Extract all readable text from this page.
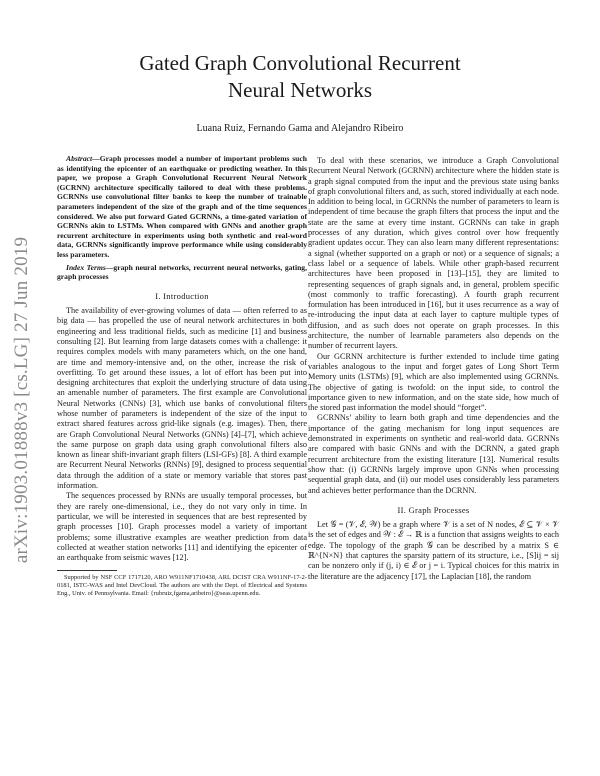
arXiv:1903.01888v3 [cs.LG] 27 Jun 2019
Gated Graph Convolutional Recurrent
Neural Networks
Luana Ruiz, Fernando Gama and Alejandro Ribeiro

Abstract—Graph processes model a number of important problems such as identifying the epicenter of an earthquake or predicting weather. In this paper, we propose a Graph Convolutional Recurrent Neural Network (GCRNN) architecture specifically tailored to deal with these problems. GCRNNs use convolutional filter banks to keep the number of trainable parameters independent of the size of the graph and of the time sequences considered. We also put forward Gated GCRNNs, a time-gated variation of GCRNNs akin to LSTMs. When compared with GNNs and another graph recurrent architecture in experiments using both synthetic and real-word data, GCRNNs significantly improve performance while using considerably less parameters.

Index Terms—graph neural networks, recurrent neural networks, gating, graph processes

I. Introduction

The availability of ever-growing volumes of data — often referred to as big data — has propelled the use of neural network architectures in both engineering and less traditional fields, such as medicine [1] and business consulting [2]. But learning from large datasets comes with a challenge: it requires complex models with many parameters which, on the one hand, are time and memory-intensive and, on the other, increase the risk of overfitting. To get around these issues, a lot of effort has been put into designing architectures that exploit the underlying structure of data using an amenable number of parameters. The first example are Convolutional Neural Networks (CNNs) [3], which use banks of convolutional filters whose number of parameters is independent of the size of the input to extract shared features across grid-like signals (e.g. images). Then, there are Graph Convolutional Neural Networks (GNNs) [4]–[7], which achieve the same purpose on graph data using graph convolutional filters also known as linear shift-invariant graph filters (LSI-GFs) [8]. A third example are Recurrent Neural Networks (RNNs) [9], designed to process sequential data through the addition of a state or memory variable that stores past information.

The sequences processed by RNNs are usually temporal processes, but they are rarely one-dimensional, i.e., they do not vary only in time. In particular, we will be interested in sequences that are best represented by graph processes [10]. Graph processes model a variety of important problems; some illustrative examples are weather prediction from data collected at weather station networks [11] and identifying the epicenter of an earthquake from seismic waves [12].

Supported by NSF CCF 1717120, ARO W911NF1710438, ARL DCIST CRA W911NF-17-2-0181, ISTC-WAS and Intel DevCloud. The authors are with the Dept. of Electrical and Systems Eng., Univ. of Pennsylvania. Email: {rubruiz,fgama,aribeiro}@seas.upenn.edu.

To deal with these scenarios, we introduce a Graph Convolutional Recurrent Neural Network (GCRNN) architecture where the hidden state is a graph signal computed from the input and the previous state using banks of graph convolutional filters and, as such, stored individually at each node. In addition to being local, in GCRNNs the number of parameters to learn is independent of time because the graph filters that process the input and the state are the same at every time instant. GCRNNs can take in graph processes of any duration, which gives control over how frequently gradient updates occur. They can also learn many different representations: a signal (whether supported on a graph or not) or a sequence of signals; a class label or a sequence of labels. While other graph-based recurrent architectures have been proposed in [13]–[15], they are limited to representing sequences of graph signals and, in general, problem specific (most commonly to traffic forecasting). A fourth graph recurrent formulation has been introduced in [16], but it uses recurrence as a way of re-introducing the input data at each layer to capture multiple types of diffusion, and as such does not operate on graph processes. In this architecture, the number of learnable parameters also depends on the number of recurrent layers.

Our GCRNN architecture is further extended to include time gating variables analogous to the input and forget gates of Long Short Term Memory units (LSTMs) [9], which are also implemented using GCRNNs. The objective of gating is twofold: on the input side, to control the importance given to new information, and on the state side, how much of the stored past information the model should “forget”.

GCRNNs’ ability to learn both graph and time dependencies and the importance of the gating mechanism for long input sequences are demonstrated in experiments on synthetic and real-world data. GCRNNs are compared with basic GNNs and with the DCRNN, a gated graph recurrent architecture from the existing literature [13]. Numerical results show that: (i) GCRNNs largely improve upon GNNs when processing sequential graph data, and (ii) our model uses considerably less parameters and achieves better performance than the DCRNN.

II. Graph Processes

Let 𝒢 = (𝒱, ℰ, 𝒲) be a graph where 𝒱 is a set of N nodes, ℰ ⊆ 𝒱 × 𝒱 is the set of edges and 𝒲 : ℰ → ℝ is a function that assigns weights to each edge. The topology of the graph 𝒢 can be described by a matrix S ∈ ℝ^{N×N} that captures the sparsity pattern of its structure, i.e., [S]ij = sij can be nonzero only if (j, i) ∈ ℰ or j = i. Typical choices for this matrix in the literature are the adjacency [17], the Laplacian [18], the random
